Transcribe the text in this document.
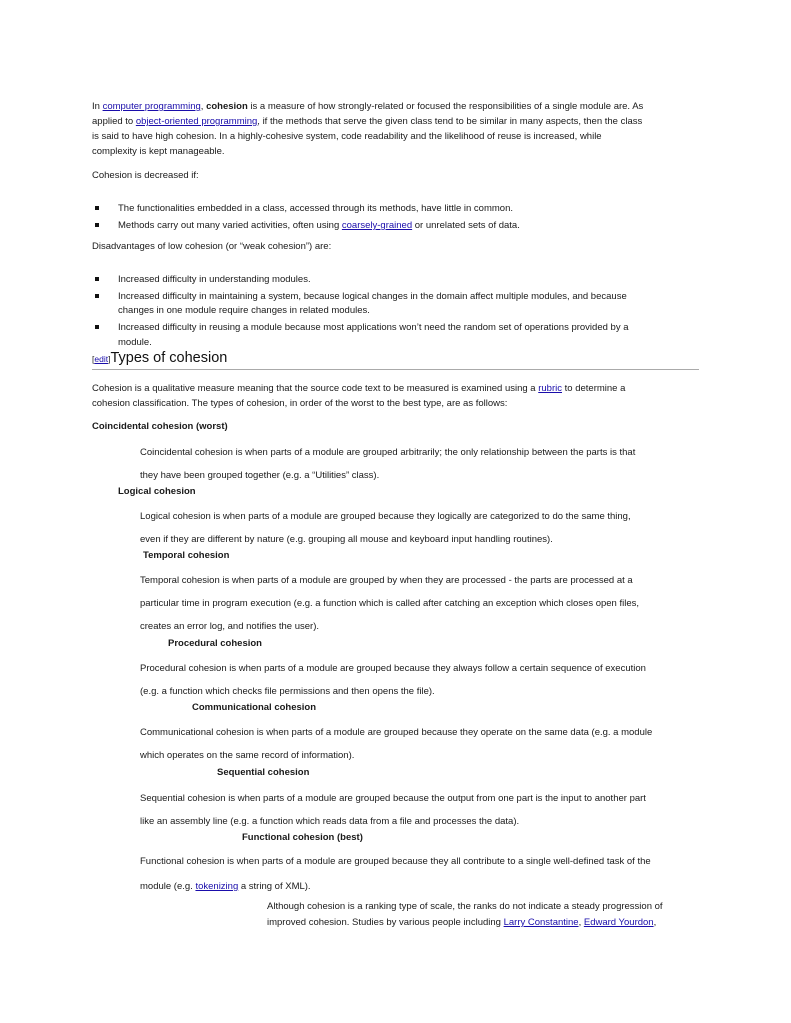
In computer programming, cohesion is a measure of how strongly-related or focused the responsibilities of a single module are. As
applied to object-oriented programming, if the methods that serve the given class tend to be similar in many aspects, then the class
is said to have high cohesion. In a highly-cohesive system, code readability and the likelihood of reuse is increased, while
complexity is kept manageable.
Cohesion is decreased if:
The functionalities embedded in a class, accessed through its methods, have little in common.
Methods carry out many varied activities, often using coarsely-grained or unrelated sets of data.
Disadvantages of low cohesion (or “weak cohesion”) are:
Increased difficulty in understanding modules.
Increased difficulty in maintaining a system, because logical changes in the domain affect multiple modules, and because
changes in one module require changes in related modules.
Increased difficulty in reusing a module because most applications won’t need the random set of operations provided by a
module.
[edit]Types of cohesion
Cohesion is a qualitative measure meaning that the source code text to be measured is examined using a rubric to determine a
cohesion classification. The types of cohesion, in order of the worst to the best type, are as follows:
Coincidental cohesion (worst)
Coincidental cohesion is when parts of a module are grouped arbitrarily; the only relationship between the parts is that
they have been grouped together (e.g. a “Utilities” class).
Logical cohesion
Logical cohesion is when parts of a module are grouped because they logically are categorized to do the same thing,
even if they are different by nature (e.g. grouping all mouse and keyboard input handling routines).
Temporal cohesion
Temporal cohesion is when parts of a module are grouped by when they are processed - the parts are processed at a
particular time in program execution (e.g. a function which is called after catching an exception which closes open files,
creates an error log, and notifies the user).
Procedural cohesion
Procedural cohesion is when parts of a module are grouped because they always follow a certain sequence of execution
(e.g. a function which checks file permissions and then opens the file).
Communicational cohesion
Communicational cohesion is when parts of a module are grouped because they operate on the same data (e.g. a module
which operates on the same record of information).
Sequential cohesion
Sequential cohesion is when parts of a module are grouped because the output from one part is the input to another part
like an assembly line (e.g. a function which reads data from a file and processes the data).
Functional cohesion (best)
Functional cohesion is when parts of a module are grouped because they all contribute to a single well-defined task of the
module (e.g. tokenizing a string of XML).
Although cohesion is a ranking type of scale, the ranks do not indicate a steady progression of
improved cohesion. Studies by various people including Larry Constantine, Edward Yourdon,
